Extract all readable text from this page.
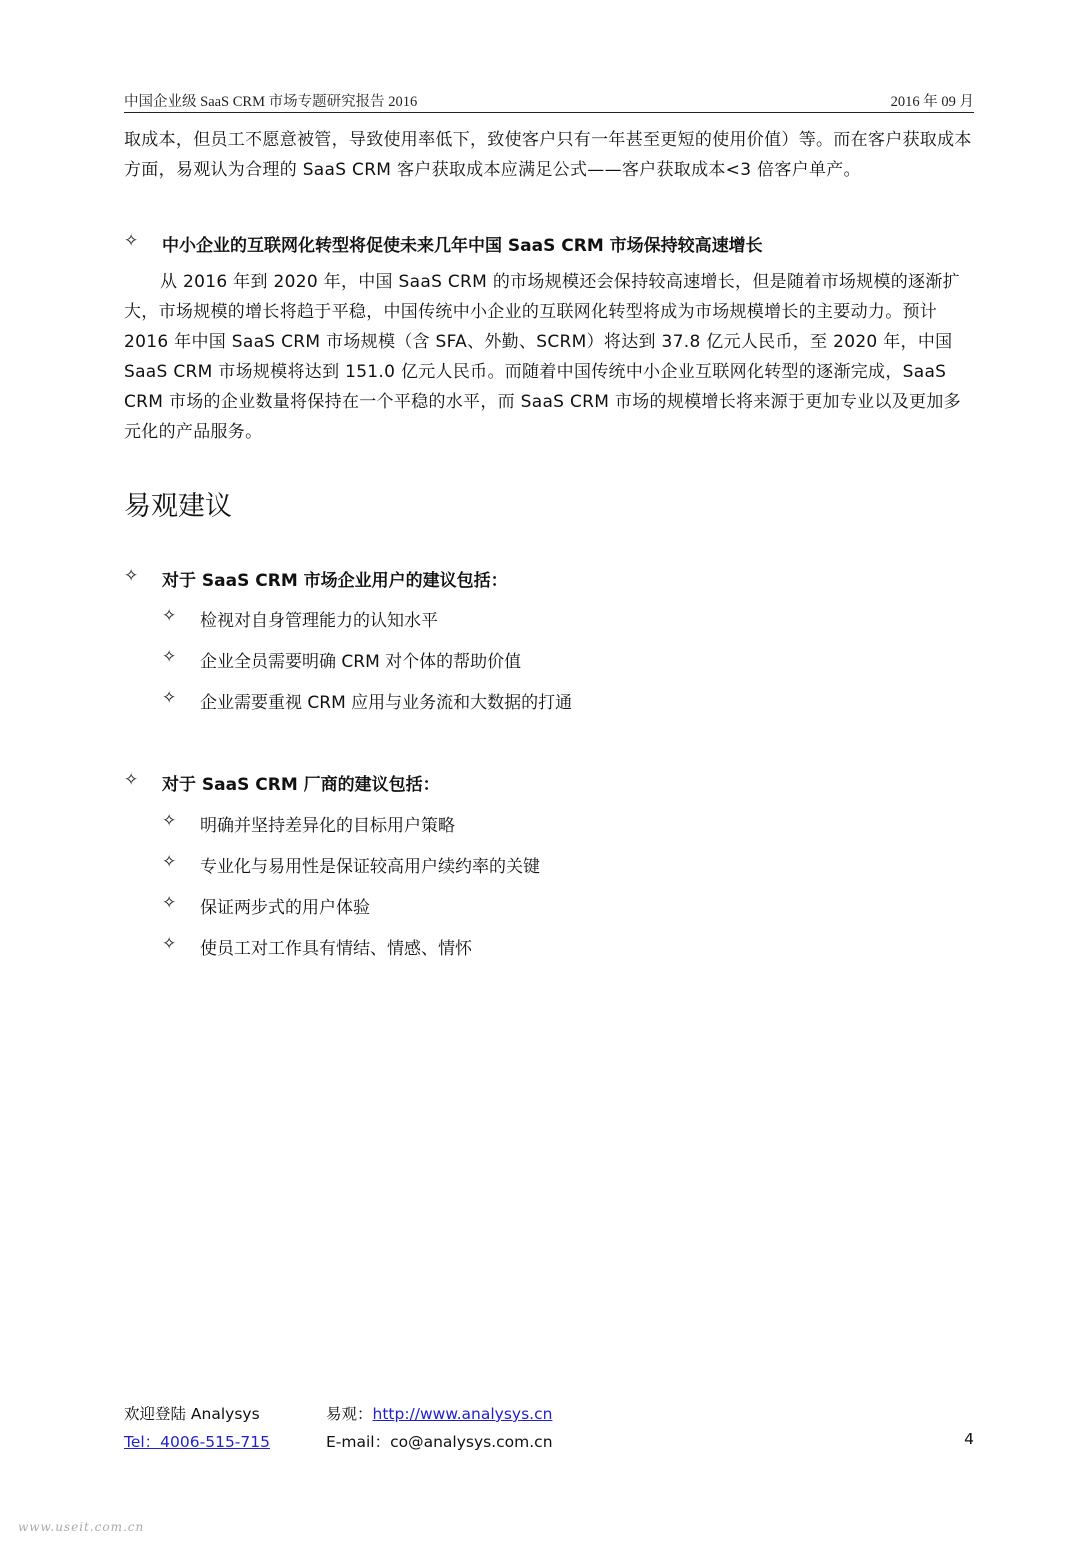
中国企业级 SaaS CRM 市场专题研究报告 2016	2016 年 09 月

取成本，但员工不愿意被管，导致使用率低下，致使客户只有一年甚至更短的使用价值）等。而在客户获取成本方面，易观认为合理的 SaaS CRM 客户获取成本应满足公式——客户获取成本<3 倍客户单产。

✧ 中小企业的互联网化转型将促使未来几年中国 SaaS CRM 市场保持较高速增长

从 2016 年到 2020 年，中国 SaaS CRM 的市场规模还会保持较高速增长，但是随着市场规模的逐渐扩大，市场规模的增长将趋于平稳，中国传统中小企业的互联网化转型将成为市场规模增长的主要动力。预计 2016 年中国 SaaS CRM 市场规模（含 SFA、外勤、SCRM）将达到 37.8 亿元人民币，至 2020 年，中国 SaaS CRM 市场规模将达到 151.0 亿元人民币。而随着中国传统中小企业互联网化转型的逐渐完成，SaaS CRM 市场的企业数量将保持在一个平稳的水平，而 SaaS CRM 市场的规模增长将来源于更加专业以及更加多元化的产品服务。

易观建议
✧ 对于 SaaS CRM 市场企业用户的建议包括：
✧ 检视对自身管理能力的认知水平
✧ 企业全员需要明确 CRM 对个体的帮助价值
✧ 企业需要重视 CRM 应用与业务流和大数据的打通
✧ 对于 SaaS CRM 厂商的建议包括：
✧ 明确并坚持差异化的目标用户策略
✧ 专业化与易用性是保证较高用户续约率的关键
✧ 保证两步式的用户体验
✧ 使员工对工作具有情结、情感、情怀
欢迎登陆 Analysys	易观：http://www.analysys.cn
Tel：4006-515-715	E-mail：co@analysys.com.cn	4
www.useit.com.cn
